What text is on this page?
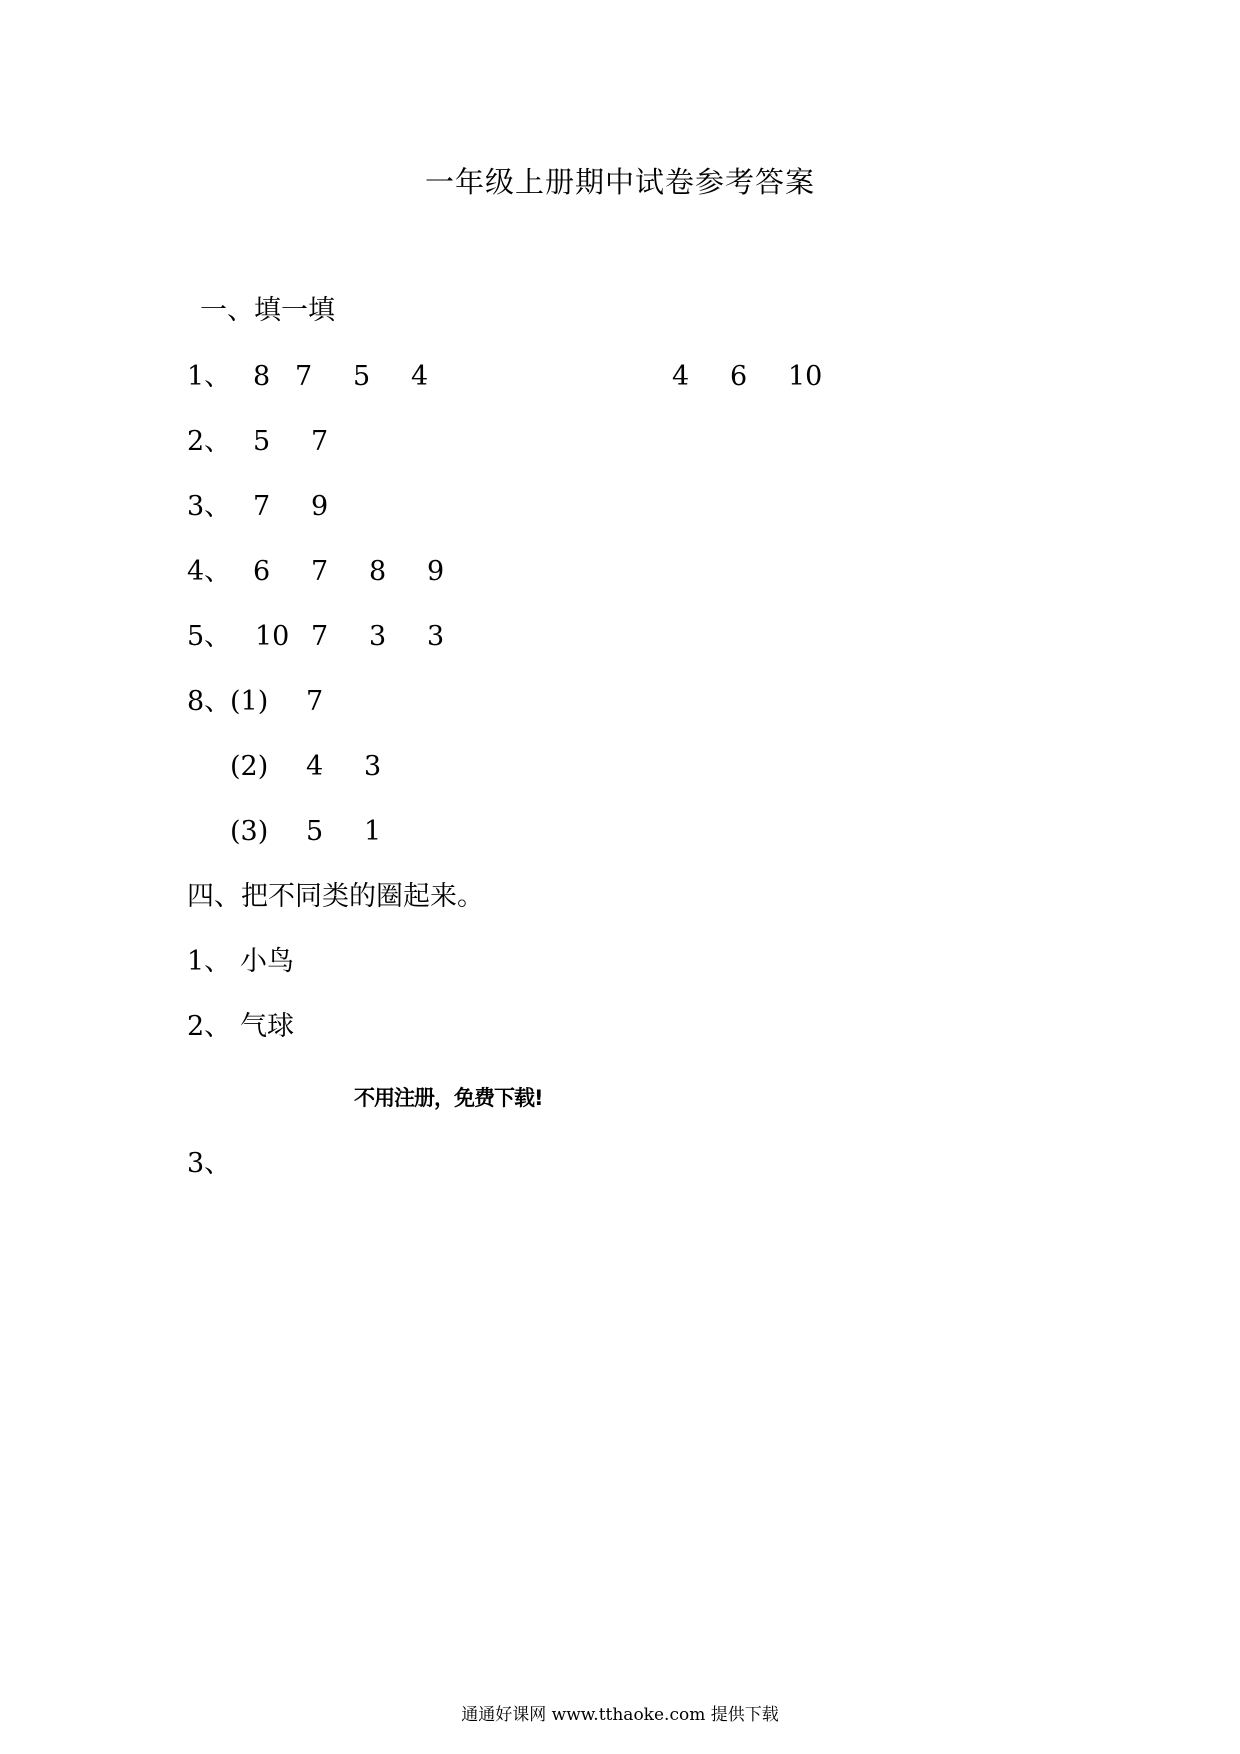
一年级上册期中试卷参考答案
一、填一填
1、 8 7 5 4	4 6 10
2、 5 7
3、 7 9
4、 6 7 8 9
5、 10 7 3 3
8、
(1) 7
(2) 4 3
(3) 5 1
四、把不同类的圈起来。
1、 小鸟
2、 气球
不用注册，免费下载!
3、
通通好课网 www.tthaoke.com 提供下载
